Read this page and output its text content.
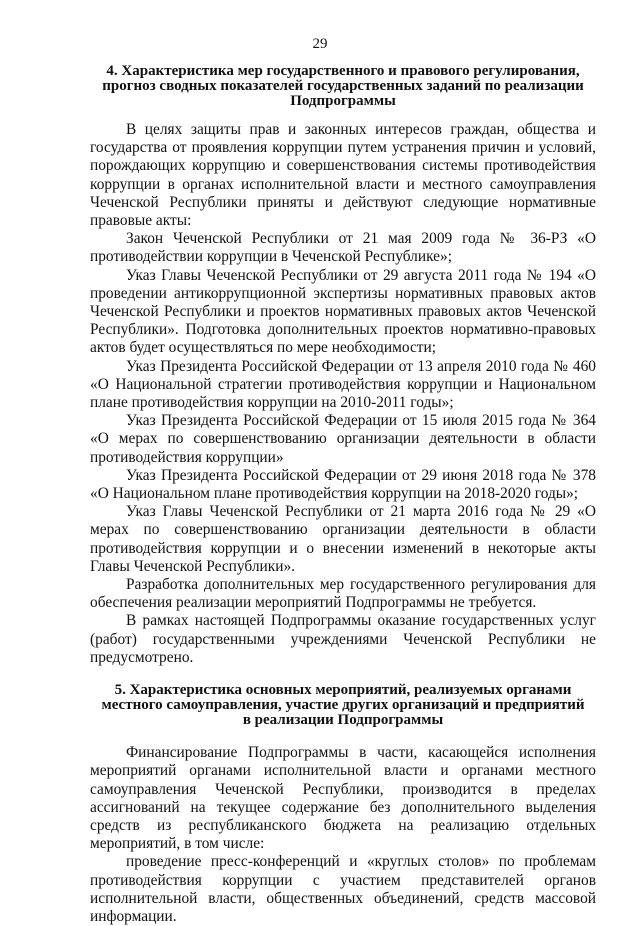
29
4. Характеристика мер государственного и правового регулирования,
прогноз сводных показателей государственных заданий по реализации
Подпрограммы

В целях защиты прав и законных интересов граждан, общества и государства от проявления коррупции путем устранения причин и условий, порождающих коррупцию и совершенствования системы противодействия коррупции в органах исполнительной власти и местного самоуправления Чеченской Республики приняты и действуют следующие нормативные правовые акты:

Закон Чеченской Республики от 21 мая 2009 года № 36-РЗ «О противодействии коррупции в Чеченской Республике»;

Указ Главы Чеченской Республики от 29 августа 2011 года № 194 «О проведении антикоррупционной экспертизы нормативных правовых актов Чеченской Республики и проектов нормативных правовых актов Чеченской Республики». Подготовка дополнительных проектов нормативно-правовых актов будет осуществляться по мере необходимости;

Указ Президента Российской Федерации от 13 апреля 2010 года № 460 «О Национальной стратегии противодействия коррупции и Национальном плане противодействия коррупции на 2010-2011 годы»;

Указ Президента Российской Федерации от 15 июля 2015 года № 364 «О мерах по совершенствованию организации деятельности в области противодействия коррупции»

Указ Президента Российской Федерации от 29 июня 2018 года № 378 «О Национальном плане противодействия коррупции на 2018-2020 годы»;

Указ Главы Чеченской Республики от 21 марта 2016 года № 29 «О мерах по совершенствованию организации деятельности в области противодействия коррупции и о внесении изменений в некоторые акты Главы Чеченской Республики».

Разработка дополнительных мер государственного регулирования для обеспечения реализации мероприятий Подпрограммы не требуется.

В рамках настоящей Подпрограммы оказание государственных услуг (работ) государственными учреждениями Чеченской Республики не предусмотрено.

5. Характеристика основных мероприятий, реализуемых органами
местного самоуправления, участие других организаций и предприятий
в реализации Подпрограммы

Финансирование Подпрограммы в части, касающейся исполнения мероприятий органами исполнительной власти и органами местного самоуправления Чеченской Республики, производится в пределах ассигнований на текущее содержание без дополнительного выделения средств из республиканского бюджета на реализацию отдельных мероприятий, в том числе:

проведение пресс-конференций и «круглых столов» по проблемам противодействия коррупции с участием представителей органов исполнительной власти, общественных объединений, средств массовой информации.
